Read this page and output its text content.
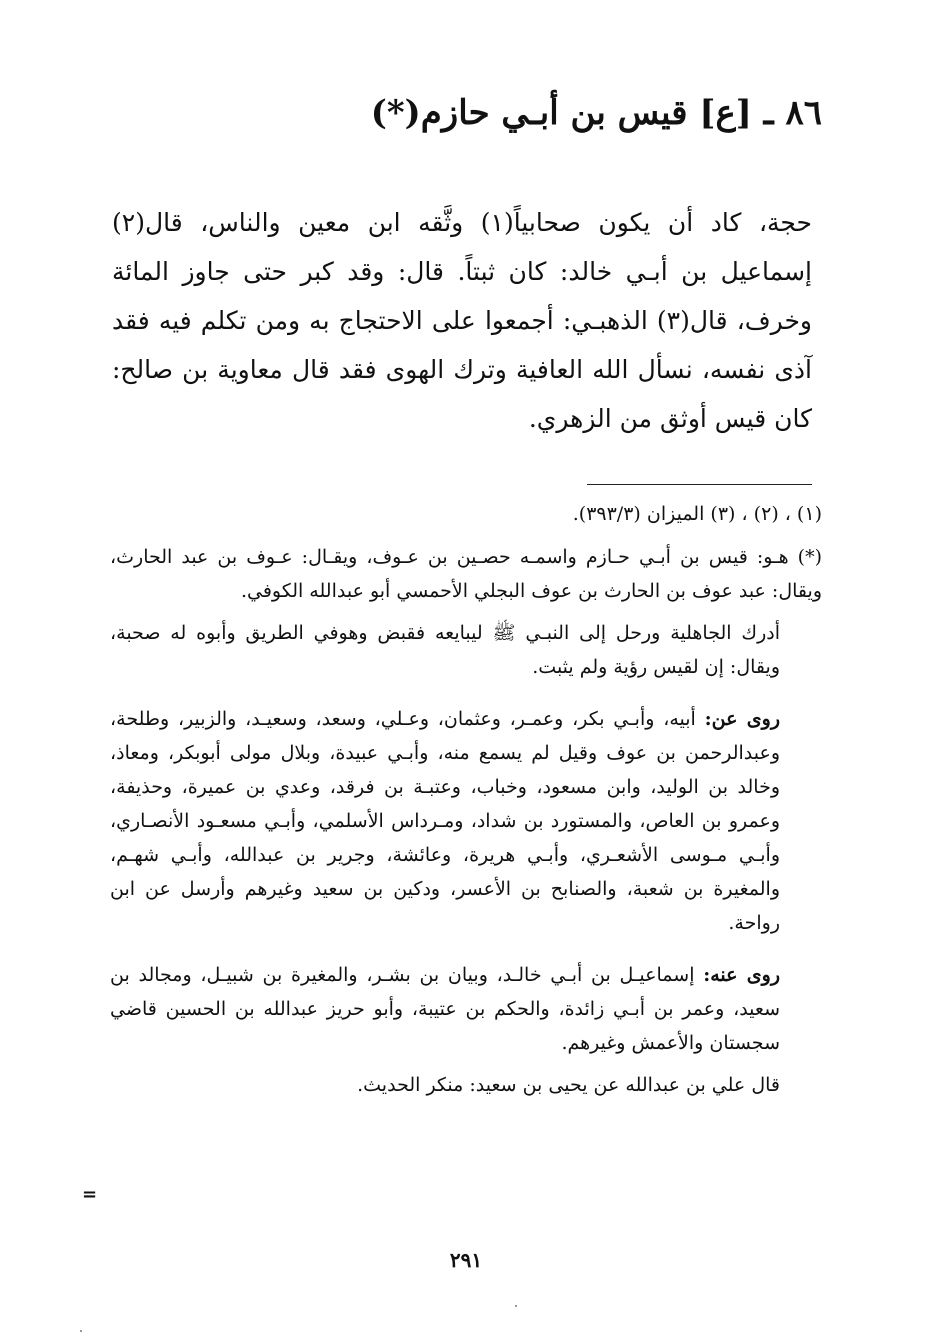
٨٦ ـ [ع] قيس بن أبـي حازم(*)

حجة، كاد أن يكون صحابياً(١) وثَّقه ابن معين والناس، قال(٢) إسماعيل بن أبـي خالد: كان ثبتاً. قال: وقد كبر حتى جاوز المائة وخرف، قال(٣) الذهبـي: أجمعوا على الاحتجاج به ومن تكلم فيه فقد آذى نفسه، نسأل الله العافية وترك الهوى فقد قال معاوية بن صالح: كان قيس أوثق من الزهري.

(١) ، (٢) ، (٣) الميزان (٣٩٣/٣).

(*) هـو: قيس بن أبـي حـازم واسمـه حصـين بن عـوف، ويقـال: عـوف بن عبد الحارث، ويقال: عبد عوف بن الحارث بن عوف البجلي الأحمسي أبو عبدالله الكوفي.

أدرك الجاهلية ورحل إلى النبـي ﷺ ليبايعه فقبض وهوفي الطريق وأبوه له صحبة، ويقال: إن لقيس رؤية ولم يثبت.

روى عن: أبيه، وأبـي بكر، وعمـر، وعثمان، وعـلي، وسعد، وسعيـد، والزبير، وطلحة، وعبدالرحمن بن عوف وقيل لم يسمع منه، وأبـي عبيدة، وبلال مولى أبوبكر، ومعاذ، وخالد بن الوليد، وابن مسعود، وخباب، وعتبـة بن فرقد، وعدي بن عميرة، وحذيفة، وعمرو بن العاص، والمستورد بن شداد، ومـرداس الأسلمي، وأبـي مسعـود الأنصـاري، وأبـي مـوسى الأشعـري، وأبـي هريرة، وعائشة، وجرير بن عبدالله، وأبـي شهـم، والمغيرة بن شعبة، والصنابح بن الأعسر، ودكين بن سعيد وغيرهم وأرسل عن ابن رواحة.

روى عنه: إسماعيـل بن أبـي خالـد، وبيان بن بشـر، والمغيرة بن شبيـل، ومجالد بن سعيد، وعمر بن أبـي زائدة، والحكم بن عتيبة، وأبو حريز عبدالله بن الحسين قاضي سجستان والأعمش وغيرهم.

قال علي بن عبدالله عن يحيى بن سعيد: منكر الحديث.

=
٢٩١
